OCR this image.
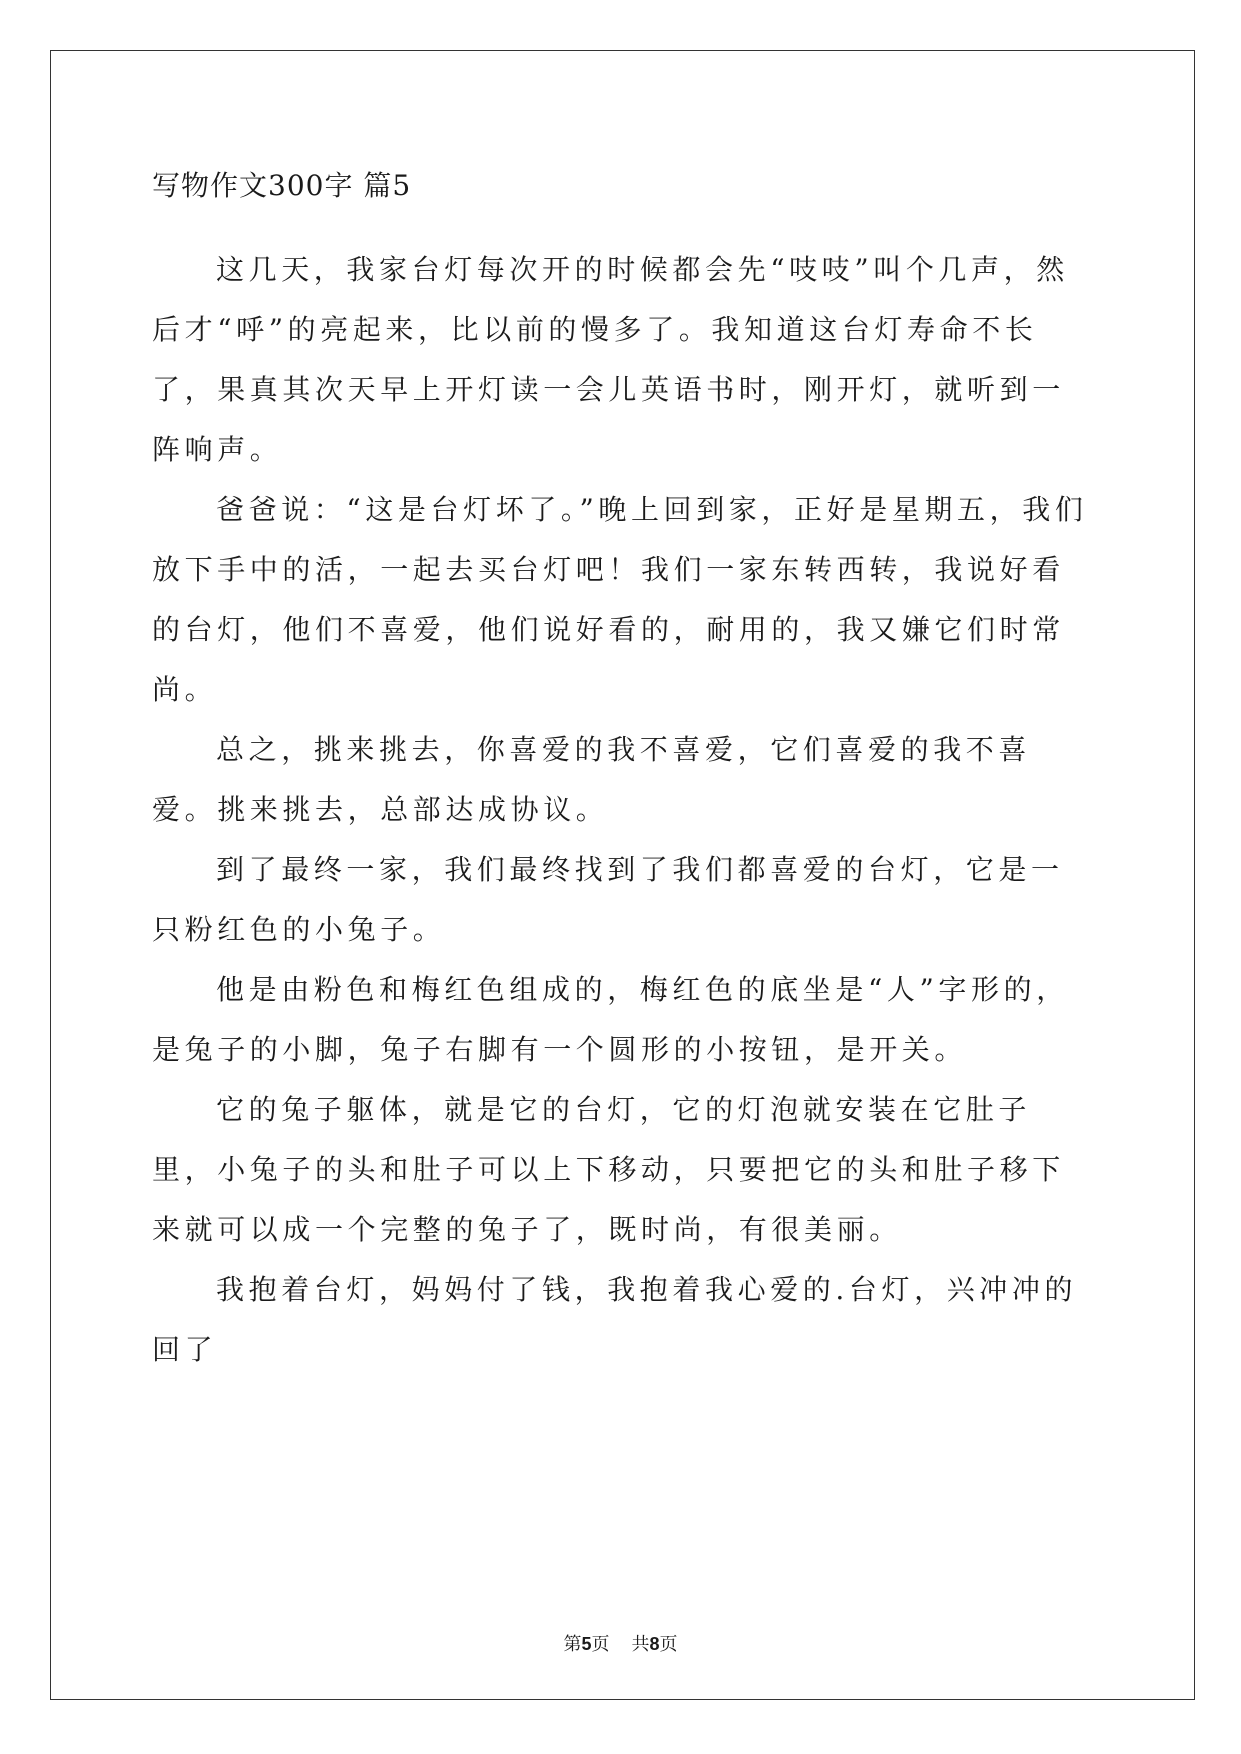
写物作文300字 篇5

这几天，我家台灯每次开的时候都会先“吱吱”叫个几声，然后才“呼”的亮起来，比以前的慢多了。我知道这台灯寿命不长了，果真其次天早上开灯读一会儿英语书时，刚开灯，就听到一阵响声。

爸爸说：“这是台灯坏了。”晚上回到家，正好是星期五，我们放下手中的活，一起去买台灯吧！我们一家东转西转，我说好看的台灯，他们不喜爱，他们说好看的，耐用的，我又嫌它们时常尚。

总之，挑来挑去，你喜爱的我不喜爱，它们喜爱的我不喜爱。挑来挑去，总部达成协议。

到了最终一家，我们最终找到了我们都喜爱的台灯，它是一只粉红色的小兔子。

他是由粉色和梅红色组成的，梅红色的底坐是“人”字形的，是兔子的小脚，兔子右脚有一个圆形的小按钮，是开关。

它的兔子躯体，就是它的台灯，它的灯泡就安装在它肚子里，小兔子的头和肚子可以上下移动，只要把它的头和肚子移下来就可以成一个完整的兔子了，既时尚，有很美丽。

我抱着台灯，妈妈付了钱，我抱着我心爱的.台灯，兴冲冲的回了

第5页 共8页
